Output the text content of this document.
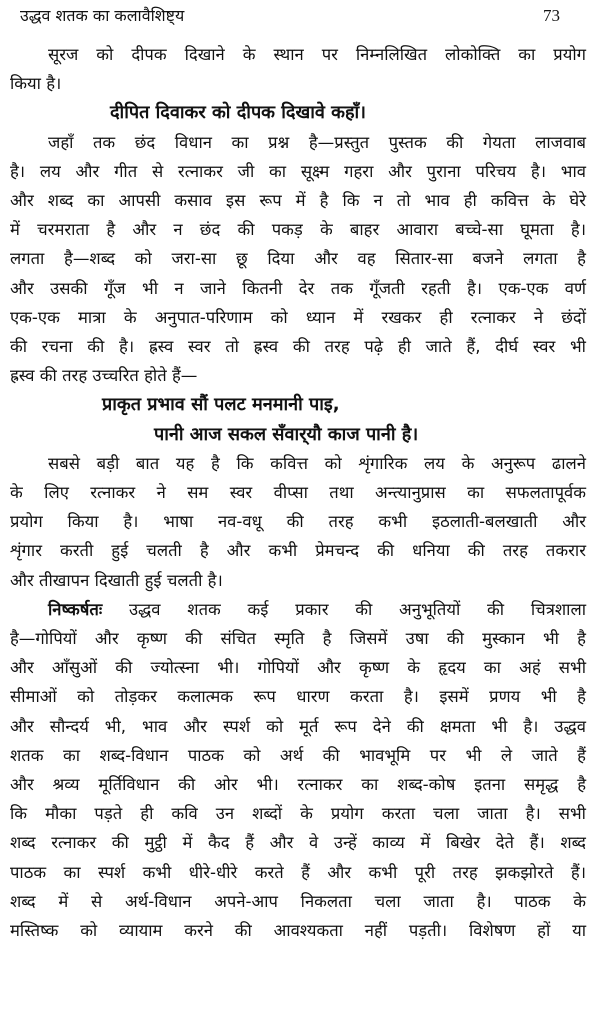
उद्धव शतक का कलावैशिष्ट्य	73
सूरज को दीपक दिखाने के स्थान पर निम्नलिखित लोकोक्ति का प्रयोग
किया है।
दीपित दिवाकर को दीपक दिखावे कहाँ।
जहाँ तक छंद विधान का प्रश्न है—प्रस्तुत पुस्तक की गेयता लाजवाब
है। लय और गीत से रत्नाकर जी का सूक्ष्म गहरा और पुराना परिचय है। भाव
और शब्द का आपसी कसाव इस रूप में है कि न तो भाव ही कवित्त के घेरे
में चरमराता है और न छंद की पकड़ के बाहर आवारा बच्चे-सा घूमता है।
लगता है—शब्द को जरा-सा छू दिया और वह सितार-सा बजने लगता है
और उसकी गूँज भी न जाने कितनी देर तक गूँजती रहती है। एक-एक वर्ण
एक-एक मात्रा के अनुपात-परिणाम को ध्यान में रखकर ही रत्नाकर ने छंदों
की रचना की है। ह्रस्व स्वर तो ह्रस्व की तरह पढ़े ही जाते हैं, दीर्घ स्वर भी
ह्रस्व की तरह उच्चरित होते हैं—
प्राकृत प्रभाव सौं पलट मनमानी पाइ,
पानी आज सकल सँवार्‌यौ काज पानी है।
सबसे बड़ी बात यह है कि कवित्त को शृंगारिक लय के अनुरूप ढालने
के लिए रत्नाकर ने सम स्वर वीप्सा तथा अन्त्यानुप्रास का सफलतापूर्वक
प्रयोग किया है। भाषा नव-वधू की तरह कभी इठलाती-बलखाती और
शृंगार करती हुई चलती है और कभी प्रेमचन्द की धनिया की तरह तकरार
और तीखापन दिखाती हुई चलती है।
निष्कर्षतः उद्धव शतक कई प्रकार की अनुभूतियों की चित्रशाला
है—गोपियों और कृष्ण की संचित स्मृति है जिसमें उषा की मुस्कान भी है
और आँसुओं की ज्योत्स्ना भी। गोपियों और कृष्ण के हृदय का अहं सभी
सीमाओं को तोड़कर कलात्मक रूप धारण करता है। इसमें प्रणय भी है
और सौन्दर्य भी, भाव और स्पर्श को मूर्त रूप देने की क्षमता भी है। उद्धव
शतक का शब्द-विधान पाठक को अर्थ की भावभूमि पर भी ले जाते हैं
और श्रव्य मूर्तिविधान की ओर भी। रत्नाकर का शब्द-कोष इतना समृद्ध है
कि मौका पड़ते ही कवि उन शब्दों के प्रयोग करता चला जाता है। सभी
शब्द रत्नाकर की मुट्ठी में कैद हैं और वे उन्हें काव्य में बिखेर देते हैं। शब्द
पाठक का स्पर्श कभी धीरे-धीरे करते हैं और कभी पूरी तरह झकझोरते हैं।
शब्द में से अर्थ-विधान अपने-आप निकलता चला जाता है। पाठक के
मस्तिष्क को व्यायाम करने की आवश्यकता नहीं पड़ती। विशेषण हों या
